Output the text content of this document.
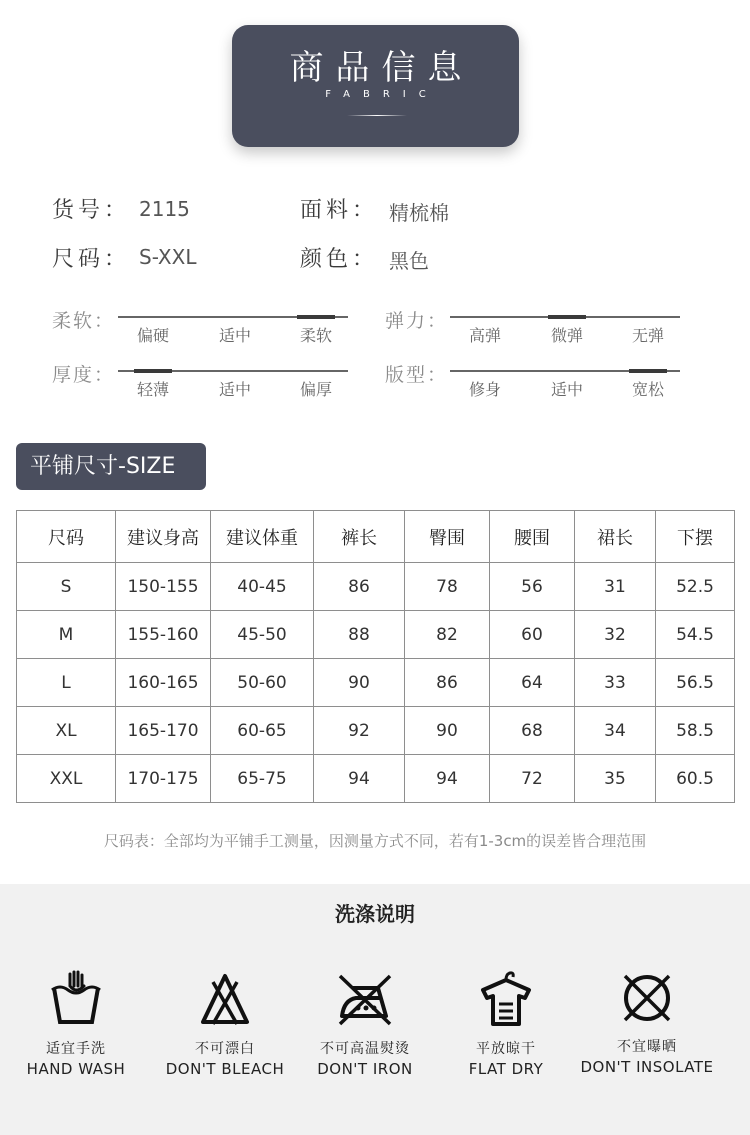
商品信息
FABRIC
货号： 2115	面料： 精梳棉
尺码： S-XXL	颜色： 黑色
柔软：
偏硬	适中	柔软
弹力：
高弹	微弹	无弹
厚度：
轻薄	适中	偏厚
版型：
修身	适中	宽松
平铺尺寸-SIZE
尺码	建议身高	建议体重	裤长	臀围	腰围	裙长	下摆
S	150-155	40-45	86	78	56	31	52.5
M	155-160	45-50	88	82	60	32	54.5
L	160-165	50-60	90	86	64	33	56.5
XL	165-170	60-65	92	90	68	34	58.5
XXL	170-175	65-75	94	94	72	35	60.5
尺码表：全部均为平铺手工测量，因测量方式不同，若有1-3cm的误差皆合理范围
洗涤说明
适宜手洗
HAND WASH
不可漂白
DON'T BLEACH
不可高温熨烫
DON'T IRON
平放晾干
FLAT DRY
不宜曝晒
DON'T INSOLATE
